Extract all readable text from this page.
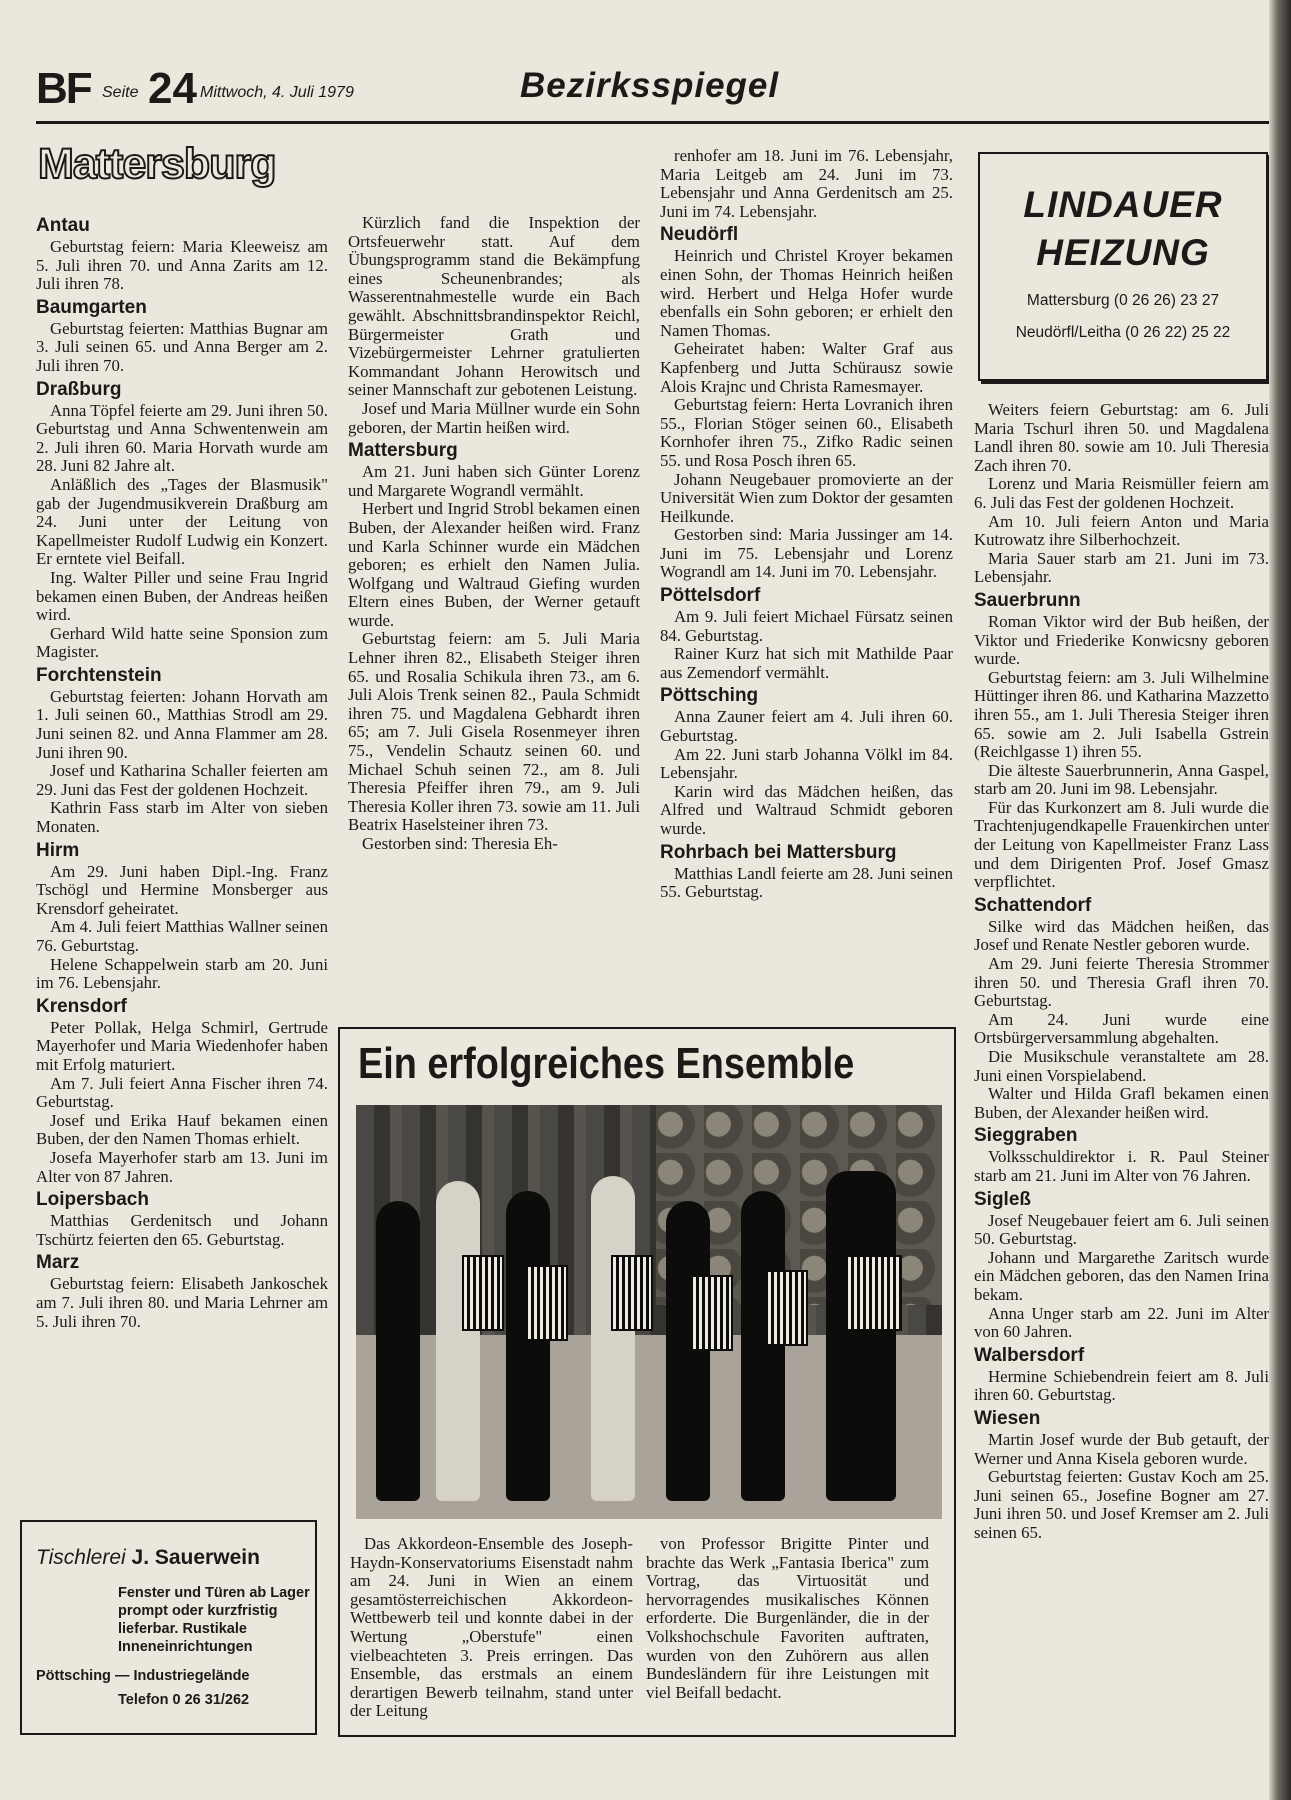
BF Seite 24 Mittwoch, 4. Juli 1979	Bezirksspiegel
Mattersburg
Antau

Geburtstag feiern: Maria Kleeweisz am 5. Juli ihren 70. und Anna Zarits am 12. Juli ihren 78.

Baumgarten

Geburtstag feierten: Matthias Bugnar am 3. Juli seinen 65. und Anna Berger am 2. Juli ihren 70.

Draßburg

Anna Töpfel feierte am 29. Juni ihren 50. Geburtstag und Anna Schwentenwein am 2. Juli ihren 60. Maria Horvath wurde am 28. Juni 82 Jahre alt.

Anläßlich des „Tages der Blasmusik" gab der Jugendmusikverein Draßburg am 24. Juni unter der Leitung von Kapellmeister Rudolf Ludwig ein Konzert. Er erntete viel Beifall.

Ing. Walter Piller und seine Frau Ingrid bekamen einen Buben, der Andreas heißen wird.

Gerhard Wild hatte seine Sponsion zum Magister.

Forchtenstein

Geburtstag feierten: Johann Horvath am 1. Juli seinen 60., Matthias Strodl am 29. Juni seinen 82. und Anna Flammer am 28. Juni ihren 90.

Josef und Katharina Schaller feierten am 29. Juni das Fest der goldenen Hochzeit.

Kathrin Fass starb im Alter von sieben Monaten.

Hirm

Am 29. Juni haben Dipl.-Ing. Franz Tschögl und Hermine Monsberger aus Krensdorf geheiratet.

Am 4. Juli feiert Matthias Wallner seinen 76. Geburtstag.

Helene Schappelwein starb am 20. Juni im 76. Lebensjahr.

Krensdorf

Peter Pollak, Helga Schmirl, Gertrude Mayerhofer und Maria Wiedenhofer haben mit Erfolg maturiert.

Am 7. Juli feiert Anna Fischer ihren 74. Geburtstag.

Josef und Erika Hauf bekamen einen Buben, der den Namen Thomas erhielt.

Josefa Mayerhofer starb am 13. Juni im Alter von 87 Jahren.

Loipersbach

Matthias Gerdenitsch und Johann Tschürtz feierten den 65. Geburtstag.

Marz

Geburtstag feiern: Elisabeth Jankoschek am 7. Juli ihren 80. und Maria Lehrner am 5. Juli ihren 70.

Kürzlich fand die Inspektion der Ortsfeuerwehr statt. Auf dem Übungsprogramm stand die Bekämpfung eines Scheunenbrandes; als Wasserentnahmestelle wurde ein Bach gewählt. Abschnittsbrandinspektor Reichl, Bürgermeister Grath und Vizebürgermeister Lehrner gratulierten Kommandant Johann Herowitsch und seiner Mannschaft zur gebotenen Leistung.

Josef und Maria Müllner wurde ein Sohn geboren, der Martin heißen wird.

Mattersburg

Am 21. Juni haben sich Günter Lorenz und Margarete Wograndl vermählt.

Herbert und Ingrid Strobl bekamen einen Buben, der Alexander heißen wird. Franz und Karla Schinner wurde ein Mädchen geboren; es erhielt den Namen Julia. Wolfgang und Waltraud Giefing wurden Eltern eines Buben, der Werner getauft wurde.

Geburtstag feiern: am 5. Juli Maria Lehner ihren 82., Elisabeth Steiger ihren 65. und Rosalia Schikula ihren 73., am 6. Juli Alois Trenk seinen 82., Paula Schmidt ihren 75. und Magdalena Gebhardt ihren 65; am 7. Juli Gisela Rosenmeyer ihren 75., Vendelin Schautz seinen 60. und Michael Schuh seinen 72., am 8. Juli Theresia Pfeiffer ihren 79., am 9. Juli Theresia Koller ihren 73. sowie am 11. Juli Beatrix Haselsteiner ihren 73.

Gestorben sind: Theresia Eh-

renhofer am 18. Juni im 76. Lebensjahr, Maria Leitgeb am 24. Juni im 73. Lebensjahr und Anna Gerdenitsch am 25. Juni im 74. Lebensjahr.

Neudörfl

Heinrich und Christel Kroyer bekamen einen Sohn, der Thomas Heinrich heißen wird. Herbert und Helga Hofer wurde ebenfalls ein Sohn geboren; er erhielt den Namen Thomas.

Geheiratet haben: Walter Graf aus Kapfenberg und Jutta Schürausz sowie Alois Krajnc und Christa Ramesmayer.

Geburtstag feiern: Herta Lovranich ihren 55., Florian Stöger seinen 60., Elisabeth Kornhofer ihren 75., Zifko Radic seinen 55. und Rosa Posch ihren 65.

Johann Neugebauer promovierte an der Universität Wien zum Doktor der gesamten Heilkunde.

Gestorben sind: Maria Jussinger am 14. Juni im 75. Lebensjahr und Lorenz Wograndl am 14. Juni im 70. Lebensjahr.

Pöttelsdorf

Am 9. Juli feiert Michael Fürsatz seinen 84. Geburtstag.

Rainer Kurz hat sich mit Mathilde Paar aus Zemendorf vermählt.

Pöttsching

Anna Zauner feiert am 4. Juli ihren 60. Geburtstag.

Am 22. Juni starb Johanna Völkl im 84. Lebensjahr.

Karin wird das Mädchen heißen, das Alfred und Waltraud Schmidt geboren wurde.

Rohrbach bei Mattersburg

Matthias Landl feierte am 28. Juni seinen 55. Geburtstag.

Weiters feiern Geburtstag: am 6. Juli Maria Tschurl ihren 50. und Magdalena Landl ihren 80. sowie am 10. Juli Theresia Zach ihren 70.

Lorenz und Maria Reismüller feiern am 6. Juli das Fest der goldenen Hochzeit.

Am 10. Juli feiern Anton und Maria Kutrowatz ihre Silberhochzeit.

Maria Sauer starb am 21. Juni im 73. Lebensjahr.

Sauerbrunn

Roman Viktor wird der Bub heißen, der Viktor und Friederike Konwicsny geboren wurde.

Geburtstag feiern: am 3. Juli Wilhelmine Hüttinger ihren 86. und Katharina Mazzetto ihren 55., am 1. Juli Theresia Steiger ihren 65. sowie am 2. Juli Isabella Gstrein (Reichlgasse 1) ihren 55.

Die älteste Sauerbrunnerin, Anna Gaspel, starb am 20. Juni im 98. Lebensjahr.

Für das Kurkonzert am 8. Juli wurde die Trachtenjugendkapelle Frauenkirchen unter der Leitung von Kapellmeister Franz Lass und dem Dirigenten Prof. Josef Gmasz verpflichtet.

Schattendorf

Silke wird das Mädchen heißen, das Josef und Renate Nestler geboren wurde.

Am 29. Juni feierte Theresia Strommer ihren 50. und Theresia Grafl ihren 70. Geburtstag.

Am 24. Juni wurde eine Ortsbürgerversammlung abgehalten.

Die Musikschule veranstaltete am 28. Juni einen Vorspielabend.

Walter und Hilda Grafl bekamen einen Buben, der Alexander heißen wird.

Sieggraben

Volksschuldirektor i. R. Paul Steiner starb am 21. Juni im Alter von 76 Jahren.

Sigleß

Josef Neugebauer feiert am 6. Juli seinen 50. Geburtstag.

Johann und Margarethe Zaritsch wurde ein Mädchen geboren, das den Namen Irina bekam.

Anna Unger starb am 22. Juni im Alter von 60 Jahren.

Walbersdorf

Hermine Schiebendrein feiert am 8. Juli ihren 60. Geburtstag.

Wiesen

Martin Josef wurde der Bub getauft, der Werner und Anna Kisela geboren wurde.

Geburtstag feierten: Gustav Koch am 25. Juni seinen 65., Josefine Bogner am 27. Juni ihren 50. und Josef Kremser am 2. Juli seinen 65.

LINDAUER
HEIZUNG
Mattersburg (0 26 26) 23 27
Neudörfl/Leitha (0 26 22) 25 22
Tischlerei J. Sauerwein
Fenster und Türen ab Lager prompt oder kurzfristig lieferbar. Rustikale Inneneinrichtungen
Pöttsching — Industriegelände
Telefon 0 26 31/262
Ein erfolgreiches Ensemble

Das Akkordeon-Ensemble des Joseph-Haydn-Konservatoriums Eisenstadt nahm am 24. Juni in Wien an einem gesamtösterreichischen Akkordeon-Wettbewerb teil und konnte dabei in der Wertung „Oberstufe" einen vielbeachteten 3. Preis erringen. Das Ensemble, das erstmals an einem derartigen Bewerb teilnahm, stand unter der Leitung

von Professor Brigitte Pinter und brachte das Werk „Fantasia Iberica" zum Vortrag, das Virtuosität und hervorragendes musikalisches Können erforderte. Die Burgenländer, die in der Volkshochschule Favoriten auftraten, wurden von den Zuhörern aus allen Bundesländern für ihre Leistungen mit viel Beifall bedacht.
